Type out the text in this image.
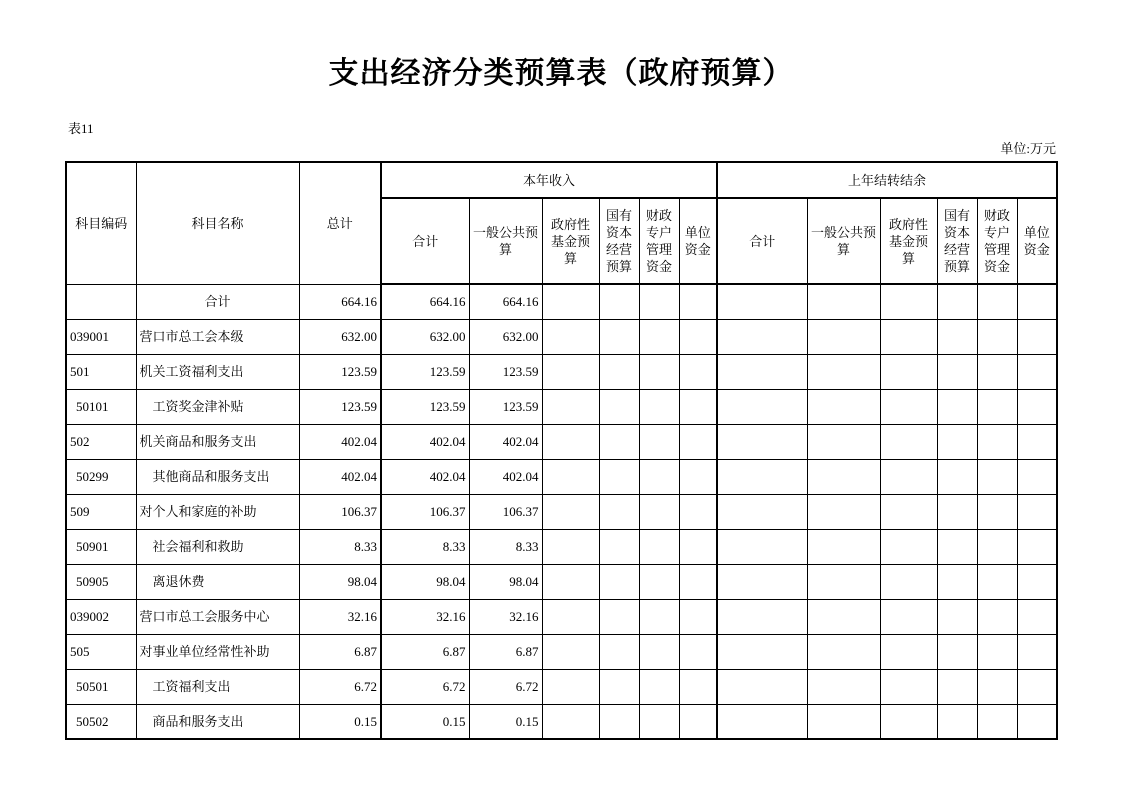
支出经济分类预算表（政府预算）
表11
单位:万元
科目编码	科目名称	总计	本年收入						上年结转结余					
			合计	一般公共预算	政府性基金预算	国有资本经营预算	财政专户管理资金	单位资金	合计	一般公共预算	政府性基金预算	国有资本经营预算	财政专户管理资金	单位资金
	合计	664.16	664.16	664.16										
039001	营口市总工会本级	632.00	632.00	632.00										
501	机关工资福利支出	123.59	123.59	123.59										
50101	工资奖金津补贴	123.59	123.59	123.59										
502	机关商品和服务支出	402.04	402.04	402.04										
50299	其他商品和服务支出	402.04	402.04	402.04										
509	对个人和家庭的补助	106.37	106.37	106.37										
50901	社会福利和救助	8.33	8.33	8.33										
50905	离退休费	98.04	98.04	98.04										
039002	营口市总工会服务中心	32.16	32.16	32.16										
505	对事业单位经常性补助	6.87	6.87	6.87										
50501	工资福利支出	6.72	6.72	6.72										
50502	商品和服务支出	0.15	0.15	0.15										
